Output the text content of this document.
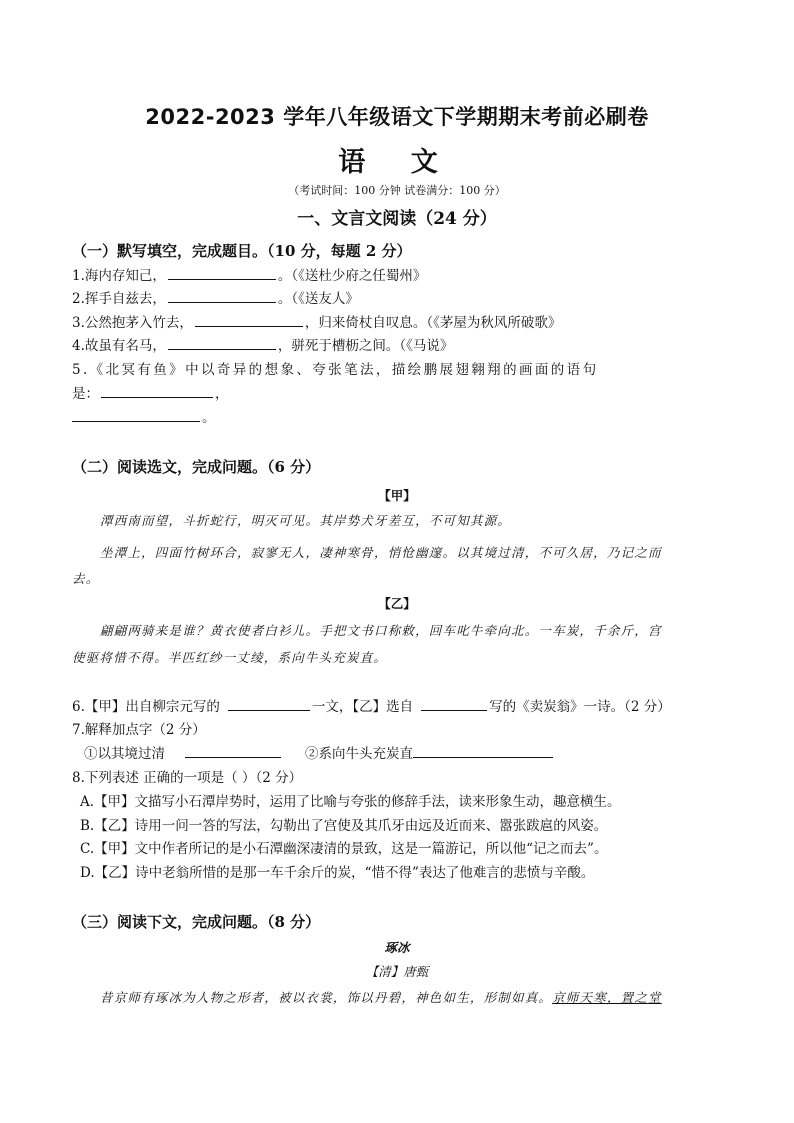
2022-2023 学年八年级语文下学期期末考前必刷卷
语 文
（考试时间：100 分钟 试卷满分：100 分）
一、文言文阅读（24 分）
（一）默写填空，完成题目。（10 分，每题 2 分）
1.海内存知己，	。（《送杜少府之任蜀州》
2.挥手自兹去，	。（《送友人》
3.公然抱茅入竹去，	，归来倚杖自叹息。（《茅屋为秋风所破歌》
4.故虽有名马，	，骈死于槽枥之间。（《马说》
5.《北冥有鱼》中以奇异的想象、夸张笔法，描绘鹏展翅翱翔的画面的语句
是：	，
。
（二）阅读选文，完成问题。（6 分）
【甲】
潭西南而望，斗折蛇行，明灭可见。其岸势犬牙差互，不可知其源。
坐潭上，四面竹树环合，寂寥无人，凄神寒骨，悄怆幽邃。以其境过清，不可久居，乃记之而
去。
【乙】
翩翩两骑来是谁？黄衣使者白衫儿。手把文书口称敕，回车叱牛牵向北。一车炭，千余斤，宫
使驱将惜不得。半匹红纱一丈绫，系向牛头充炭直。
6.【甲】出自柳宗元写的	一文，【乙】选自	写的《卖炭翁》一诗。（2 分）
7.解释加点字（2 分）
①以其境过清	②系向牛头充炭直
8.下列表述 正确的一项是（ ）（2 分）
A.【甲】文描写小石潭岸势时，运用了比喻与夸张的修辞手法，读来形象生动，趣意横生。
B.【乙】诗用一问一答的写法，勾勒出了宫使及其爪牙由远及近而来、嚣张跋扈的风姿。
C.【甲】文中作者所记的是小石潭幽深凄清的景致，这是一篇游记，所以他“记之而去”。
D.【乙】诗中老翁所惜的是那一车千余斤的炭，“惜不得”表达了他难言的悲愤与辛酸。
（三）阅读下文，完成问题。（8 分）
琢冰
【清】唐甄
昔京师有琢冰为人物之形者，被以衣裳，饰以丹碧，神色如生，形制如真。京师天寒，置之堂
